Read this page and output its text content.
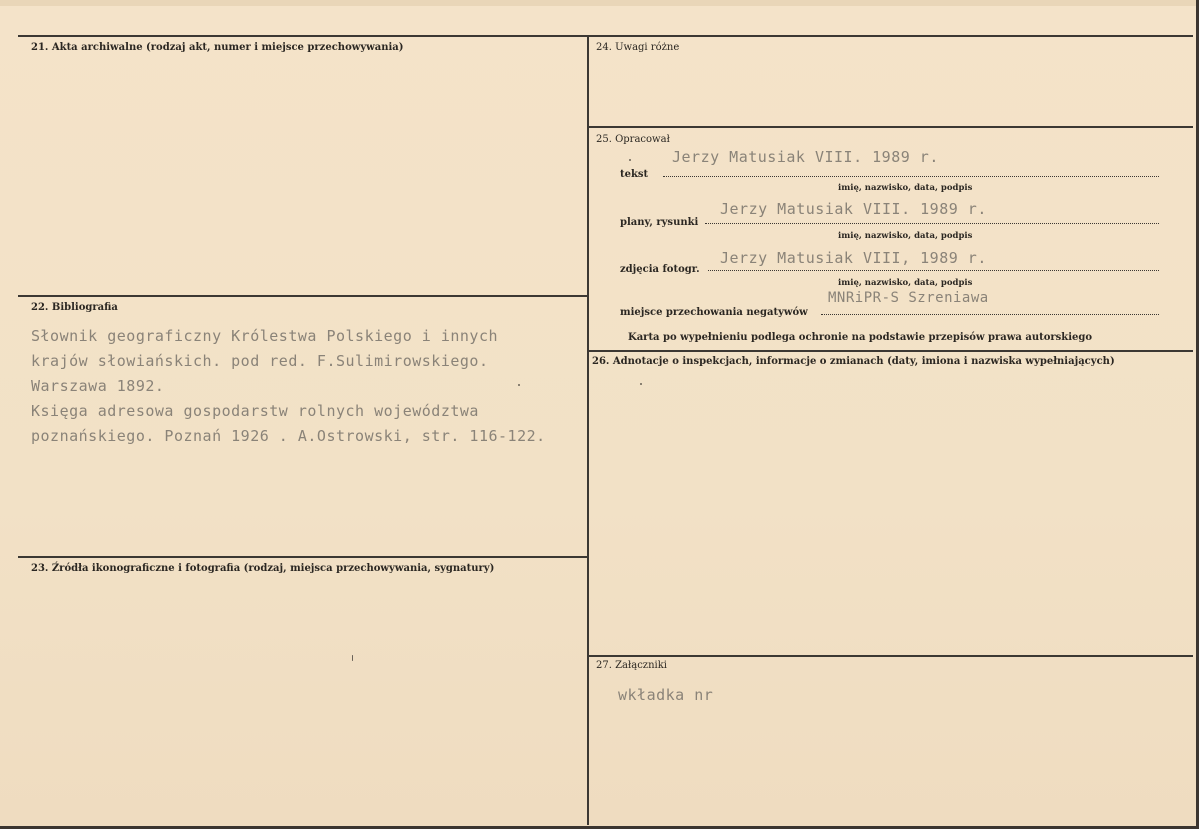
21. Akta archiwalne (rodzaj akt, numer i miejsce przechowywania)
22. Bibliografia
Słownik geograficzny Królestwa Polskiego i innych
krajów słowiańskich. pod red. F.Sulimirowskiego.
Warszawa 1892.
Księga adresowa gospodarstw rolnych województwa
poznańskiego. Poznań 1926 . A.Ostrowski, str. 116-122.
23. Źródła ikonograficzne i fotografia (rodzaj, miejsca przechowywania, sygnatury)
24. Uwagi różne
25. Opracował
Jerzy Matusiak VIII. 1989 r.
tekst
imię, nazwisko, data, podpis
Jerzy Matusiak VIII. 1989 r.
plany, rysunki
imię, nazwisko, data, podpis
Jerzy Matusiak VIII, 1989 r.
zdjęcia fotogr.
imię, nazwisko, data, podpis
MNRiPR-S Szreniawa
miejsce przechowania negatywów
Karta po wypełnieniu podlega ochronie na podstawie przepisów prawa autorskiego
26. Adnotacje o inspekcjach, informacje o zmianach (daty, imiona i nazwiska wypełniających)
27. Załączniki
wkładka nr
